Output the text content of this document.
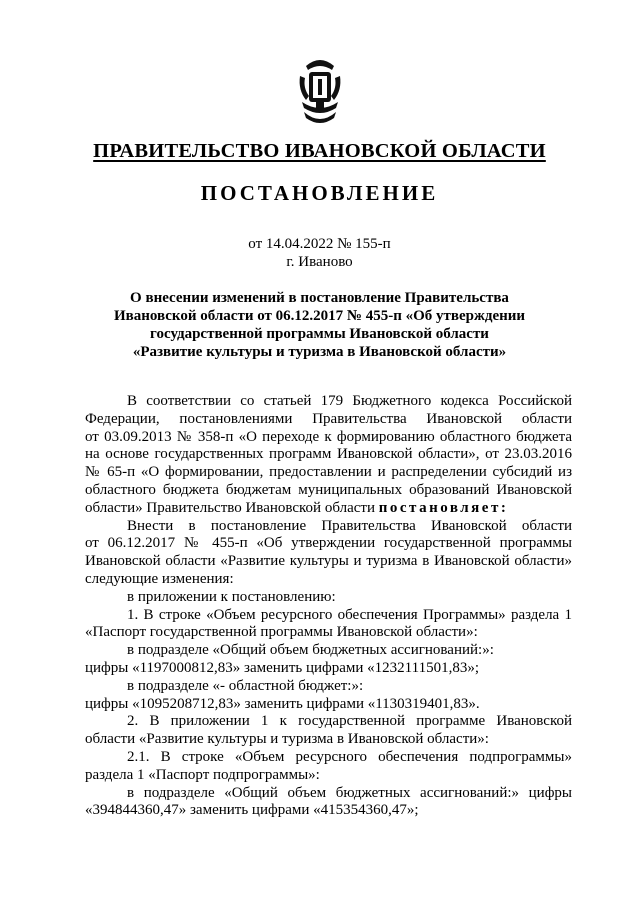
ПРАВИТЕЛЬСТВО ИВАНОВСКОЙ ОБЛАСТИ
ПОСТАНОВЛЕНИЕ
от 14.04.2022 № 155-п
г. Иваново
О внесении изменений в постановление Правительства
Ивановской области от 06.12.2017 № 455-п «Об утверждении
государственной программы Ивановской области
«Развитие культуры и туризма в Ивановской области»

В соответствии со статьей 179 Бюджетного кодекса Российской

Федерации, постановлениями Правительства Ивановской области

от 03.09.2013 № 358-п «О переходе к формированию областного бюджета

на основе государственных программ Ивановской области», от 23.03.2016

№ 65-п «О формировании, предоставлении и распределении субсидий из

областного бюджета бюджетам муниципальных образований Ивановской

области» Правительство Ивановской области постановляет:

Внести в постановление Правительства Ивановской области

от 06.12.2017 № 455-п «Об утверждении государственной программы

Ивановской области «Развитие культуры и туризма в Ивановской области»

следующие изменения:

в приложении к постановлению:

1. В строке «Объем ресурсного обеспечения Программы» раздела 1

«Паспорт государственной программы Ивановской области»:

в подразделе «Общий объем бюджетных ассигнований:»:

цифры «1197000812,83» заменить цифрами «1232111501,83»;

в подразделе «- областной бюджет:»:

цифры «1095208712,83» заменить цифрами «1130319401,83».

2. В приложении 1 к государственной программе Ивановской

области «Развитие культуры и туризма в Ивановской области»:

2.1. В строке «Объем ресурсного обеспечения подпрограммы»

раздела 1 «Паспорт подпрограммы»:

в подразделе «Общий объем бюджетных ассигнований:» цифры

«394844360,47» заменить цифрами «415354360,47»;
